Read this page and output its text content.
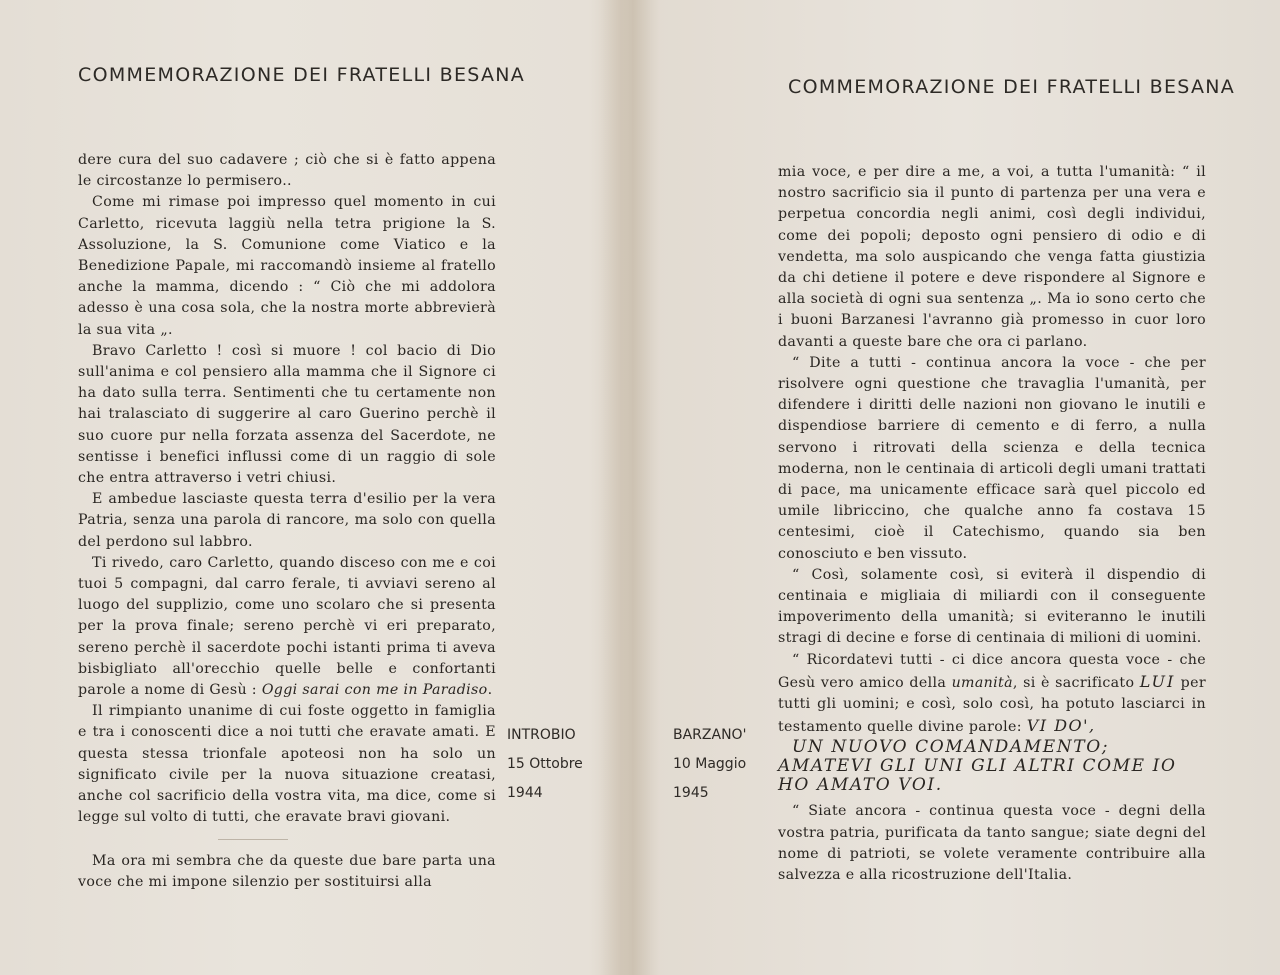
COMMEMORAZIONE DEI FRATELLI BESANA
COMMEMORAZIONE DEI FRATELLI BESANA

dere cura del suo cadavere ; ciò che si è fatto appena le circostanze lo permisero..

Come mi rimase poi impresso quel momento in cui Carletto, ricevuta laggiù nella tetra prigione la S. Assoluzione, la S. Comunione come Viatico e la Benedizione Papale, mi raccomandò insieme al fratello anche la mamma, dicendo : “ Ciò che mi addolora adesso è una cosa sola, che la nostra morte abbrevierà la sua vita „.

Bravo Carletto ! così si muore ! col bacio di Dio sull'anima e col pensiero alla mamma che il Signore ci ha dato sulla terra. Sentimenti che tu certamente non hai tralasciato di suggerire al caro Guerino perchè il suo cuore pur nella forzata assenza del Sacerdote, ne sentisse i benefici influssi come di un raggio di sole che entra attraverso i vetri chiusi.

E ambedue lasciaste questa terra d'esilio per la vera Patria, senza una parola di rancore, ma solo con quella del perdono sul labbro.

Ti rivedo, caro Carletto, quando disceso con me e coi tuoi 5 compagni, dal carro ferale, ti avviavi sereno al luogo del supplizio, come uno scolaro che si presenta per la prova finale; sereno perchè vi eri preparato, sereno perchè il sacerdote pochi istanti prima ti aveva bisbigliato all'orecchio quelle belle e confortanti parole a nome di Gesù : Oggi sarai con me in Paradiso.

Il rimpianto unanime di cui foste oggetto in famiglia e tra i conoscenti dice a noi tutti che eravate amati. E questa stessa trionfale apoteosi non ha solo un significato civile per la nuova situazione creatasi, anche col sacrificio della vostra vita, ma dice, come si legge sul volto di tutti, che eravate bravi giovani.

Ma ora mi sembra che da queste due bare parta una voce che mi impone silenzio per sostituirsi alla

INTROBIO
15 Ottobre
1944
BARZANO'
10 Maggio
1945

mia voce, e per dire a me, a voi, a tutta l'umanità: “ il nostro sacrificio sia il punto di partenza per una vera e perpetua concordia negli animi, così degli individui, come dei popoli; deposto ogni pensiero di odio e di vendetta, ma solo auspicando che venga fatta giustizia da chi detiene il potere e deve rispondere al Signore e alla società di ogni sua sentenza „. Ma io sono certo che i buoni Barzanesi l'avranno già promesso in cuor loro davanti a queste bare che ora ci parlano.

“ Dite a tutti - continua ancora la voce - che per risolvere ogni questione che travaglia l'umanità, per difendere i diritti delle nazioni non giovano le inutili e dispendiose barriere di cemento e di ferro, a nulla servono i ritrovati della scienza e della tecnica moderna, non le centinaia di articoli degli umani trattati di pace, ma unicamente efficace sarà quel piccolo ed umile libriccino, che qualche anno fa costava 15 centesimi, cioè il Catechismo, quando sia ben conosciuto e ben vissuto.

“ Così, solamente così, si eviterà il dispendio di centinaia e migliaia di miliardi con il conseguente impoverimento della umanità; si eviteranno le inutili stragi di decine e forse di centinaia di milioni di uomini.

“ Ricordatevi tutti - ci dice ancora questa voce - che Gesù vero amico della umanità, si è sacrificato LUI per tutti gli uomini; e così, solo così, ha potuto lasciarci in testamento quelle divine parole: VI DO',
UN NUOVO COMANDAMENTO; AMATEVI GLI UNI GLI ALTRI COME IO HO AMATO VOI.

“ Siate ancora - continua questa voce - degni della vostra patria, purificata da tanto sangue; siate degni del nome di patrioti, se volete veramente contribuire alla salvezza e alla ricostruzione dell'Italia.
